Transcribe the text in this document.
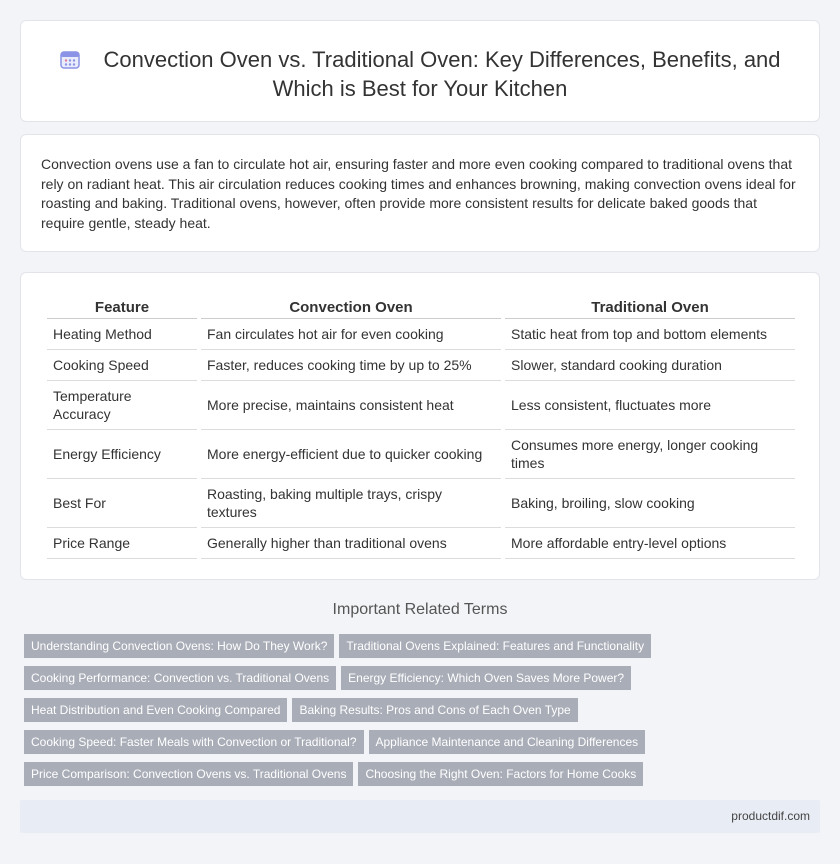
Convection Oven vs. Traditional Oven: Key Differences, Benefits, and Which is Best for Your Kitchen

Convection ovens use a fan to circulate hot air, ensuring faster and more even cooking compared to traditional ovens that rely on radiant heat. This air circulation reduces cooking times and enhances browning, making convection ovens ideal for roasting and baking. Traditional ovens, however, often provide more consistent results for delicate baked goods that require gentle, steady heat.

Feature	Convection Oven	Traditional Oven
Heating Method	Fan circulates hot air for even cooking	Static heat from top and bottom elements
Cooking Speed	Faster, reduces cooking time by up to 25%	Slower, standard cooking duration
Temperature Accuracy	More precise, maintains consistent heat	Less consistent, fluctuates more
Energy Efficiency	More energy-efficient due to quicker cooking	Consumes more energy, longer cooking times
Best For	Roasting, baking multiple trays, crispy textures	Baking, broiling, slow cooking
Price Range	Generally higher than traditional ovens	More affordable entry-level options
Important Related Terms
Understanding Convection Ovens: How Do They Work? Traditional Ovens Explained: Features and Functionality
Cooking Performance: Convection vs. Traditional Ovens Energy Efficiency: Which Oven Saves More Power?
Heat Distribution and Even Cooking Compared Baking Results: Pros and Cons of Each Oven Type
Cooking Speed: Faster Meals with Convection or Traditional? Appliance Maintenance and Cleaning Differences
Price Comparison: Convection Ovens vs. Traditional Ovens Choosing the Right Oven: Factors for Home Cooks
productdif.com
